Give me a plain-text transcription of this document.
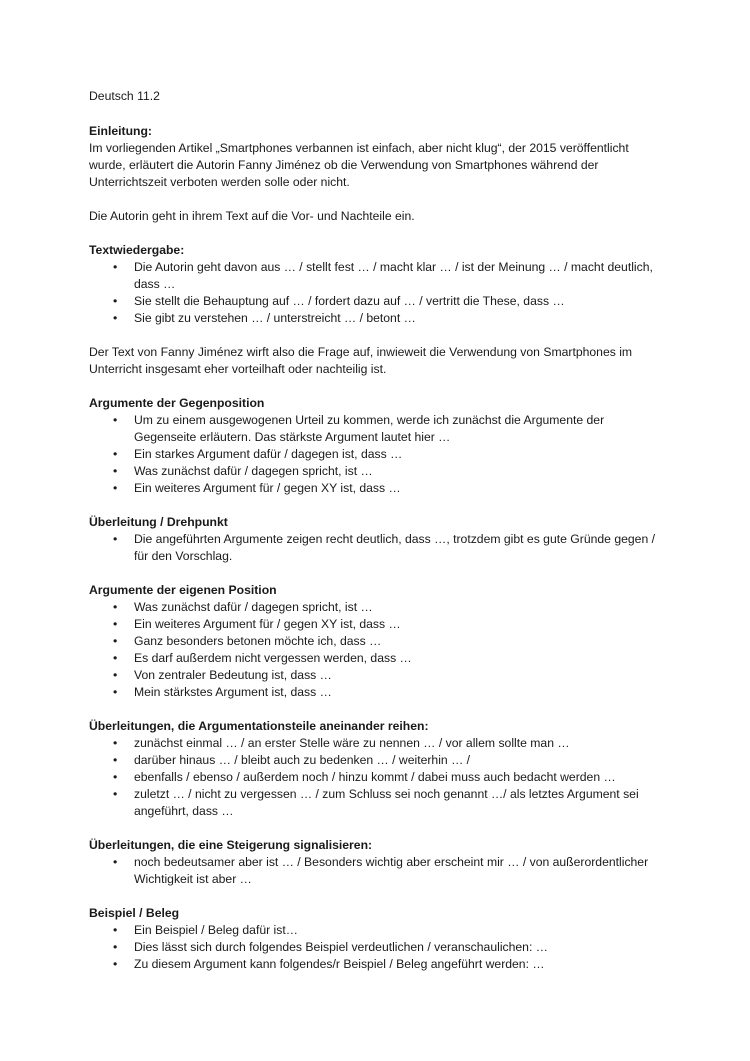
Deutsch 11.2

Einleitung:

Im vorliegenden Artikel „Smartphones verbannen ist einfach, aber nicht klug“, der 2015 veröffentlicht wurde, erläutert die Autorin Fanny Jiménez ob die Verwendung von Smartphones während der Unterrichtszeit verboten werden solle oder nicht.

Die Autorin geht in ihrem Text auf die Vor- und Nachteile ein.

Textwiedergabe:

• Die Autorin geht davon aus … / stellt fest … / macht klar … / ist der Meinung … / macht deutlich, dass …
• Sie stellt die Behauptung auf … / fordert dazu auf … / vertritt die These, dass …
• Sie gibt zu verstehen … / unterstreicht … / betont …

Der Text von Fanny Jiménez wirft also die Frage auf, inwieweit die Verwendung von Smartphones im Unterricht insgesamt eher vorteilhaft oder nachteilig ist.

Argumente der Gegenposition

• Um zu einem ausgewogenen Urteil zu kommen, werde ich zunächst die Argumente der Gegenseite erläutern. Das stärkste Argument lautet hier …
• Ein starkes Argument dafür / dagegen ist, dass …
• Was zunächst dafür / dagegen spricht, ist …
• Ein weiteres Argument für / gegen XY ist, dass …

Überleitung / Drehpunkt

• Die angeführten Argumente zeigen recht deutlich, dass …, trotzdem gibt es gute Gründe gegen / für den Vorschlag.

Argumente der eigenen Position

• Was zunächst dafür / dagegen spricht, ist …
• Ein weiteres Argument für / gegen XY ist, dass …
• Ganz besonders betonen möchte ich, dass …
• Es darf außerdem nicht vergessen werden, dass …
• Von zentraler Bedeutung ist, dass …
• Mein stärkstes Argument ist, dass …

Überleitungen, die Argumentationsteile aneinander reihen:

• zunächst einmal … / an erster Stelle wäre zu nennen … / vor allem sollte man …
• darüber hinaus … / bleibt auch zu bedenken … / weiterhin … /
• ebenfalls / ebenso / außerdem noch / hinzu kommt / dabei muss auch bedacht werden …
• zuletzt … / nicht zu vergessen … / zum Schluss sei noch genannt …/ als letztes Argument sei angeführt, dass …

Überleitungen, die eine Steigerung signalisieren:

• noch bedeutsamer aber ist … / Besonders wichtig aber erscheint mir … / von außerordentlicher Wichtigkeit ist aber …

Beispiel / Beleg

• Ein Beispiel / Beleg dafür ist…
• Dies lässt sich durch folgendes Beispiel verdeutlichen / veranschaulichen: …
• Zu diesem Argument kann folgendes/r Beispiel / Beleg angeführt werden: …
